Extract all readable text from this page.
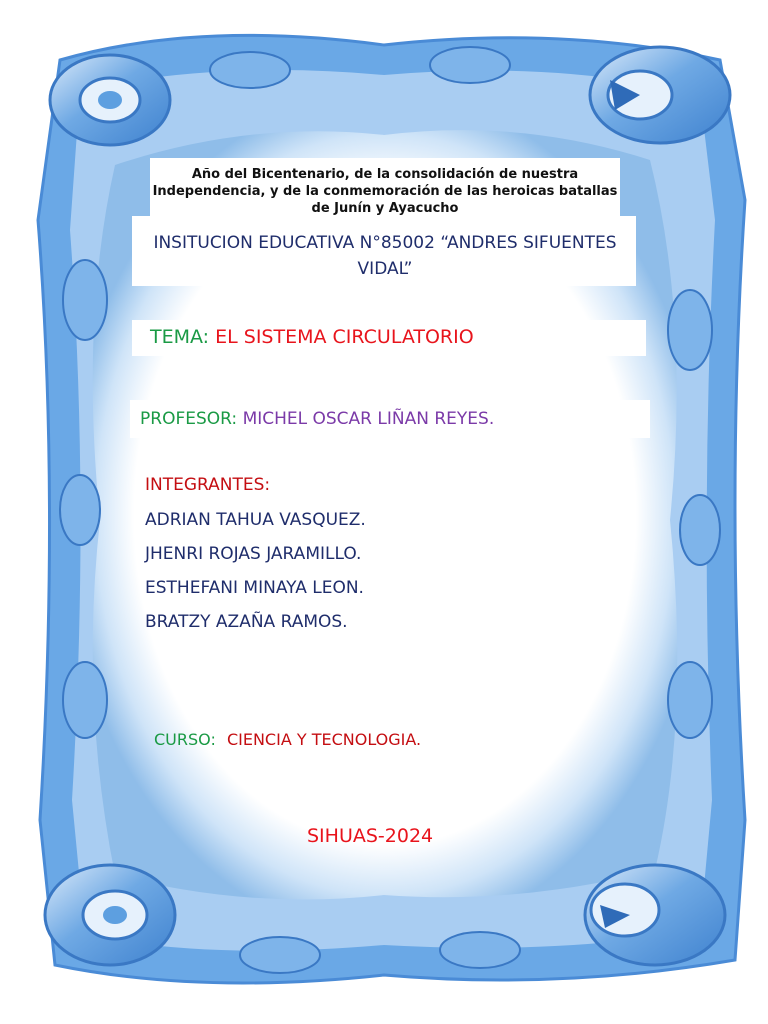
Año del Bicentenario, de la consolidación de nuestra Independencia, y de la conmemoración de las heroicas batallas de Junín y Ayacucho
INSITUCION EDUCATIVA N°85002 “ANDRES SIFUENTES VIDAL”
TEMA: EL SISTEMA CIRCULATORIO
PROFESOR: MICHEL OSCAR LIÑAN REYES.
INTEGRANTES:
ADRIAN TAHUA VASQUEZ.
JHENRI ROJAS JARAMILLO.
ESTHEFANI MINAYA LEON.
BRATZY AZAÑA RAMOS.
CURSO: CIENCIA Y TECNOLOGIA.
SIHUAS-2024
